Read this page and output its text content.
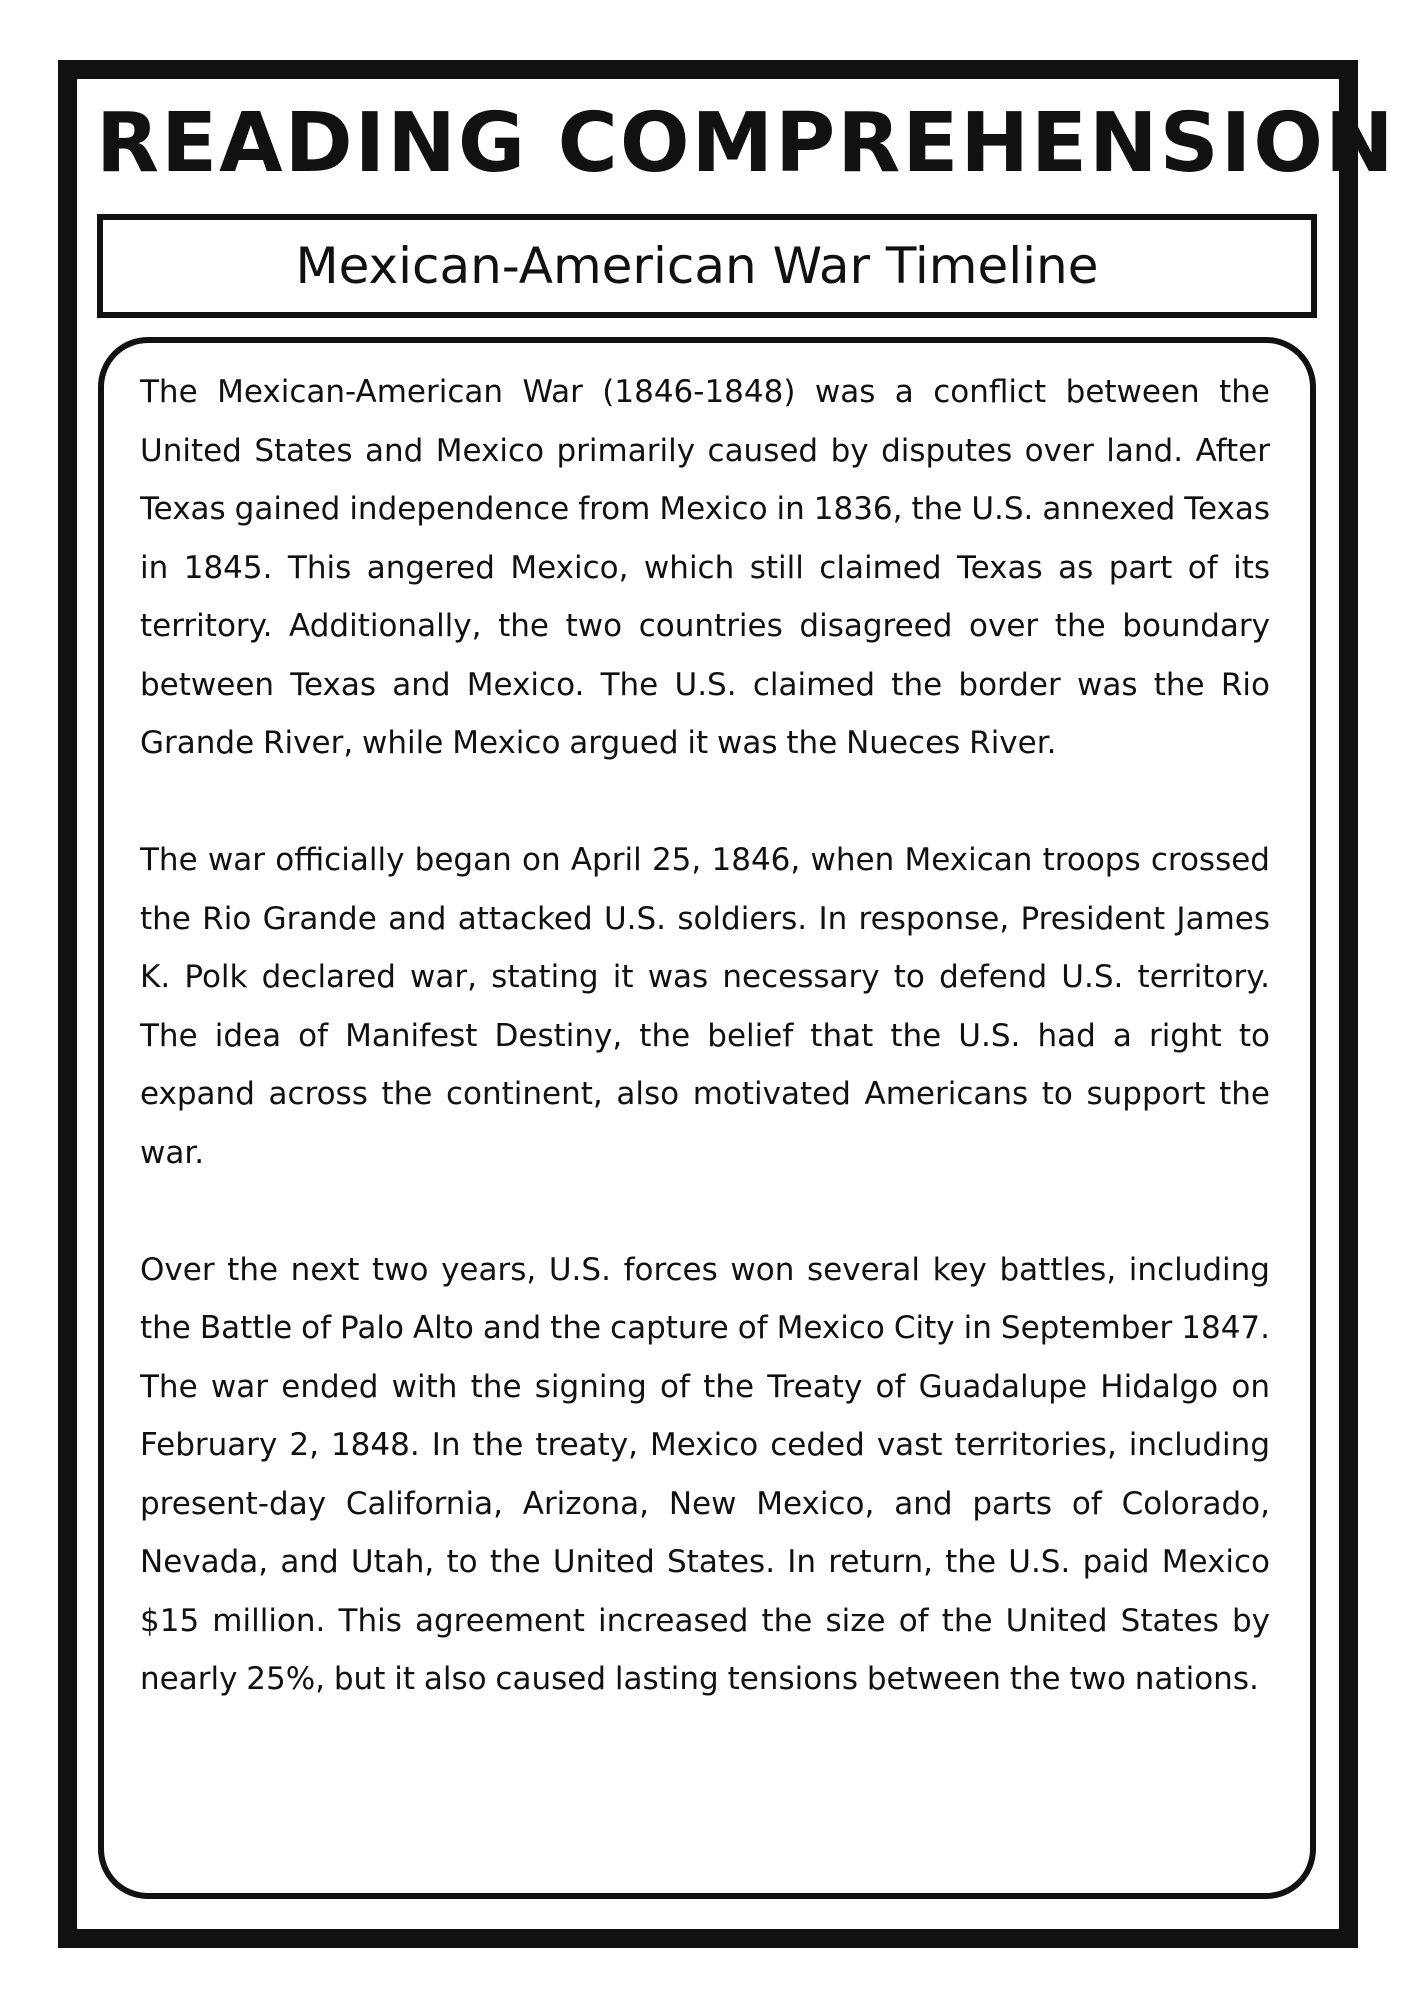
READING COMPREHENSION
Mexican-American War Timeline

The Mexican-American War (1846-1848) was a conflict between the United States and Mexico primarily caused by disputes over land. After Texas gained independence from Mexico in 1836, the U.S. annexed Texas in 1845. This angered Mexico, which still claimed Texas as part of its territory. Additionally, the two countries disagreed over the boundary between Texas and Mexico. The U.S. claimed the border was the Rio Grande River, while Mexico argued it was the Nueces River.

The war officially began on April 25, 1846, when Mexican troops crossed the Rio Grande and attacked U.S. soldiers. In response, President James K. Polk declared war, stating it was necessary to defend U.S. territory. The idea of Manifest Destiny, the belief that the U.S. had a right to expand across the continent, also motivated Americans to support the war.

Over the next two years, U.S. forces won several key battles, including the Battle of Palo Alto and the capture of Mexico City in September 1847. The war ended with the signing of the Treaty of Guadalupe Hidalgo on February 2, 1848. In the treaty, Mexico ceded vast territories, including present-day California, Arizona, New Mexico, and parts of Colorado, Nevada, and Utah, to the United States. In return, the U.S. paid Mexico $15 million. This agreement increased the size of the United States by nearly 25%, but it also caused lasting tensions between the two nations.
